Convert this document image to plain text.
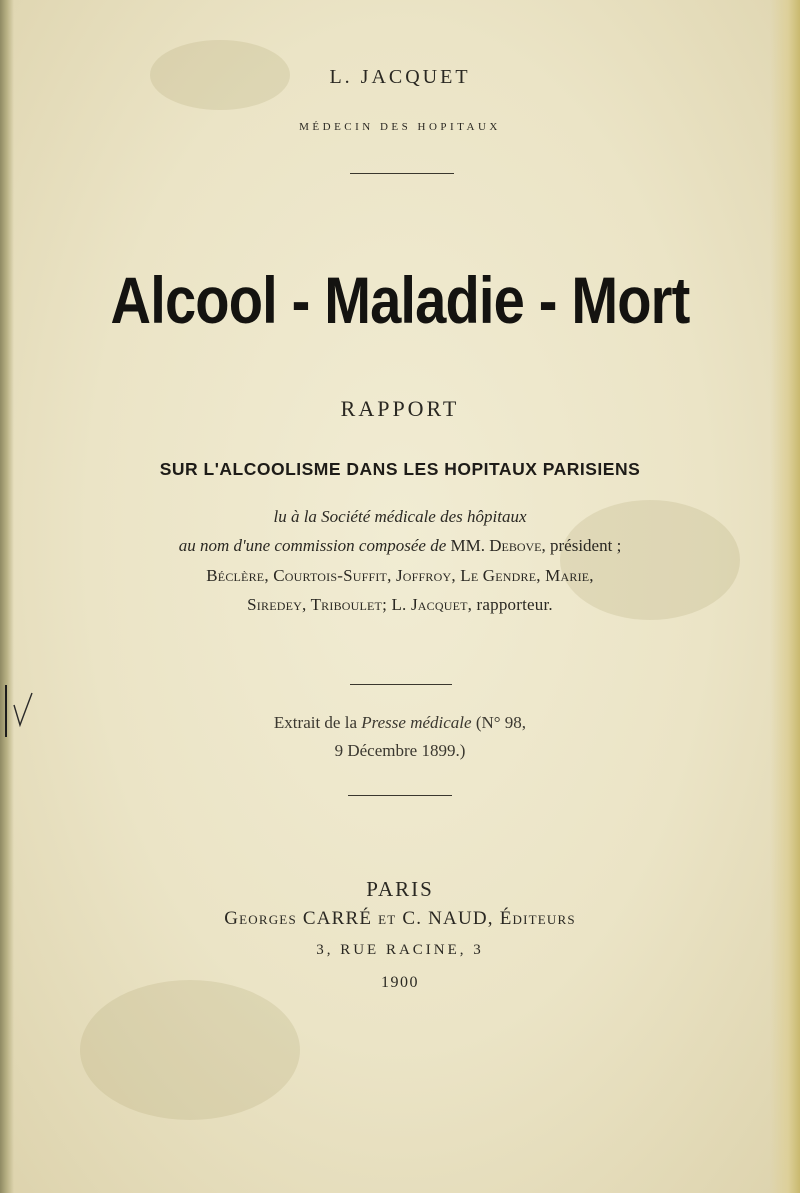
L. JACQUET
MÉDECIN DES HOPITAUX
Alcool - Maladie - Mort
RAPPORT
SUR L'ALCOOLISME DANS LES HOPITAUX PARISIENS
lu à la Société médicale des hôpitaux
au nom d'une commission composée de MM. Debove, président ;
Béclère, Courtois-Suffit, Joffroy, Le Gendre, Marie,
Siredey, Triboulet; L. Jacquet, rapporteur.
Extrait de la Presse médicale (N° 98,
9 Décembre 1899.)
PARIS
Georges CARRÉ et C. NAUD, Éditeurs
3, RUE RACINE, 3
1900
